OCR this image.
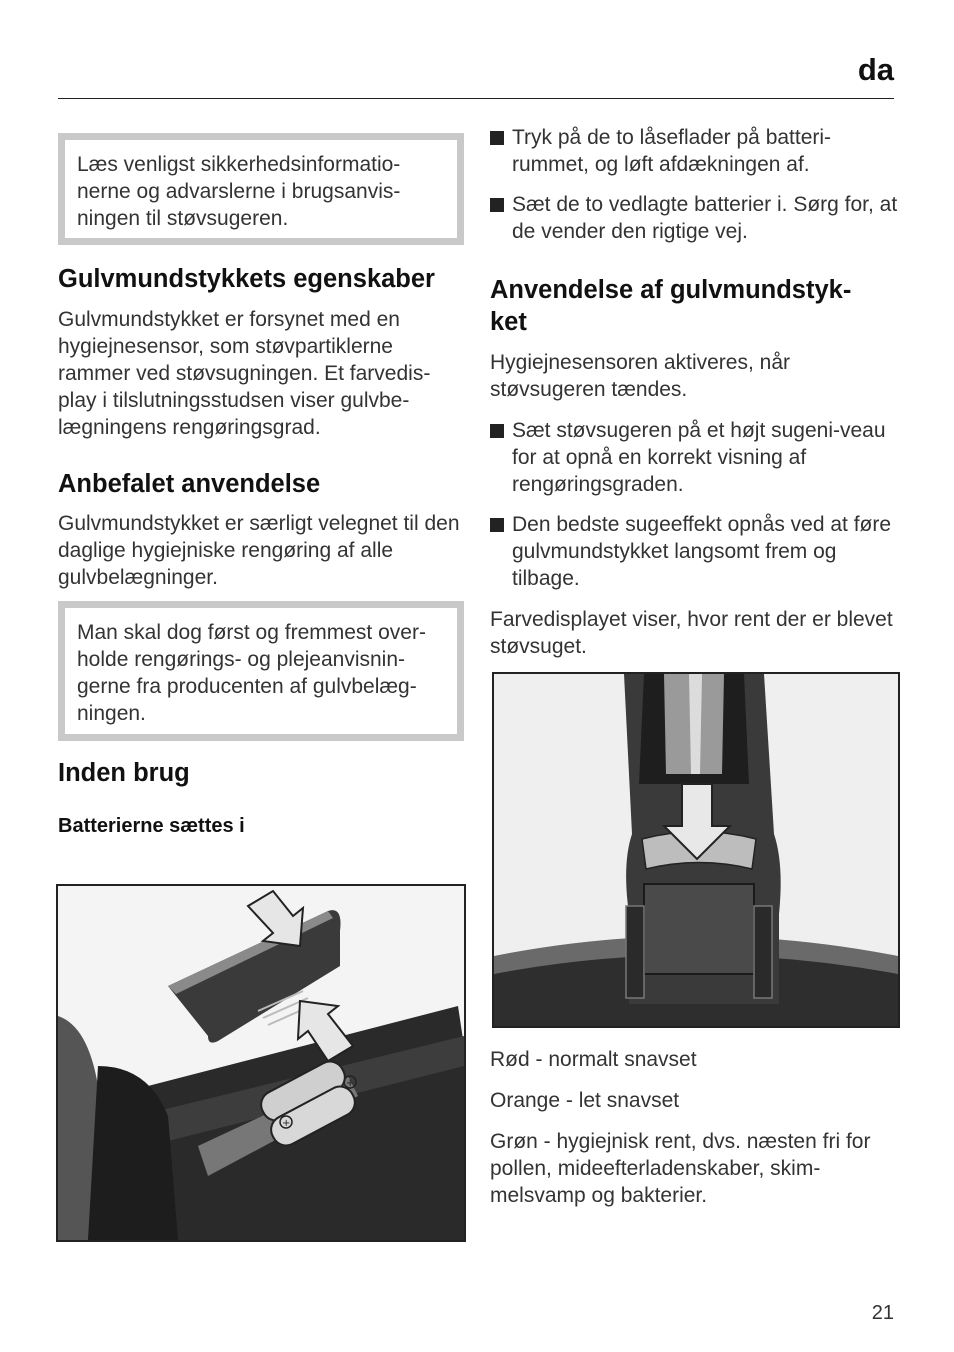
da

Læs venligst sikkerhedsinformatio-nerne og advarslerne i brugsanvis-ningen til støvsugeren.

Gulvmundstykkets egenskaber

Gulvmundstykket er forsynet med en hygiejnesensor, som støvpartiklerne rammer ved støvsugningen. Et farvedis-play i tilslutningsstudsen viser gulvbe-lægningens rengøringsgrad.

Anbefalet anvendelse

Gulvmundstykket er særligt velegnet til den daglige hygiejniske rengøring af alle gulvbelægninger.

Man skal dog først og fremmest over-holde rengørings- og plejeanvisnin-gerne fra producenten af gulvbelæg-ningen.

Inden brug
Batterierne sættes i
+
+

Tryk på de to låseflader på batteri-rummet, og løft afdækningen af.

Sæt de to vedlagte batterier i. Sørg for, at de vender den rigtige vej.

Anvendelse af gulvmundstyk-
ket

Hygiejnesensoren aktiveres, når støvsugeren tændes.

Sæt støvsugeren på et højt sugeni-veau for at opnå en korrekt visning af rengøringsgraden.

Den bedste sugeeffekt opnås ved at føre gulvmundstykket langsomt frem og tilbage.

Farvedisplayet viser, hvor rent der er blevet støvsuget.

Rød - normalt snavset

Orange - let snavset

Grøn - hygiejnisk rent, dvs. næsten fri for pollen, mideefterladenskaber, skim-melsvamp og bakterier.

21
